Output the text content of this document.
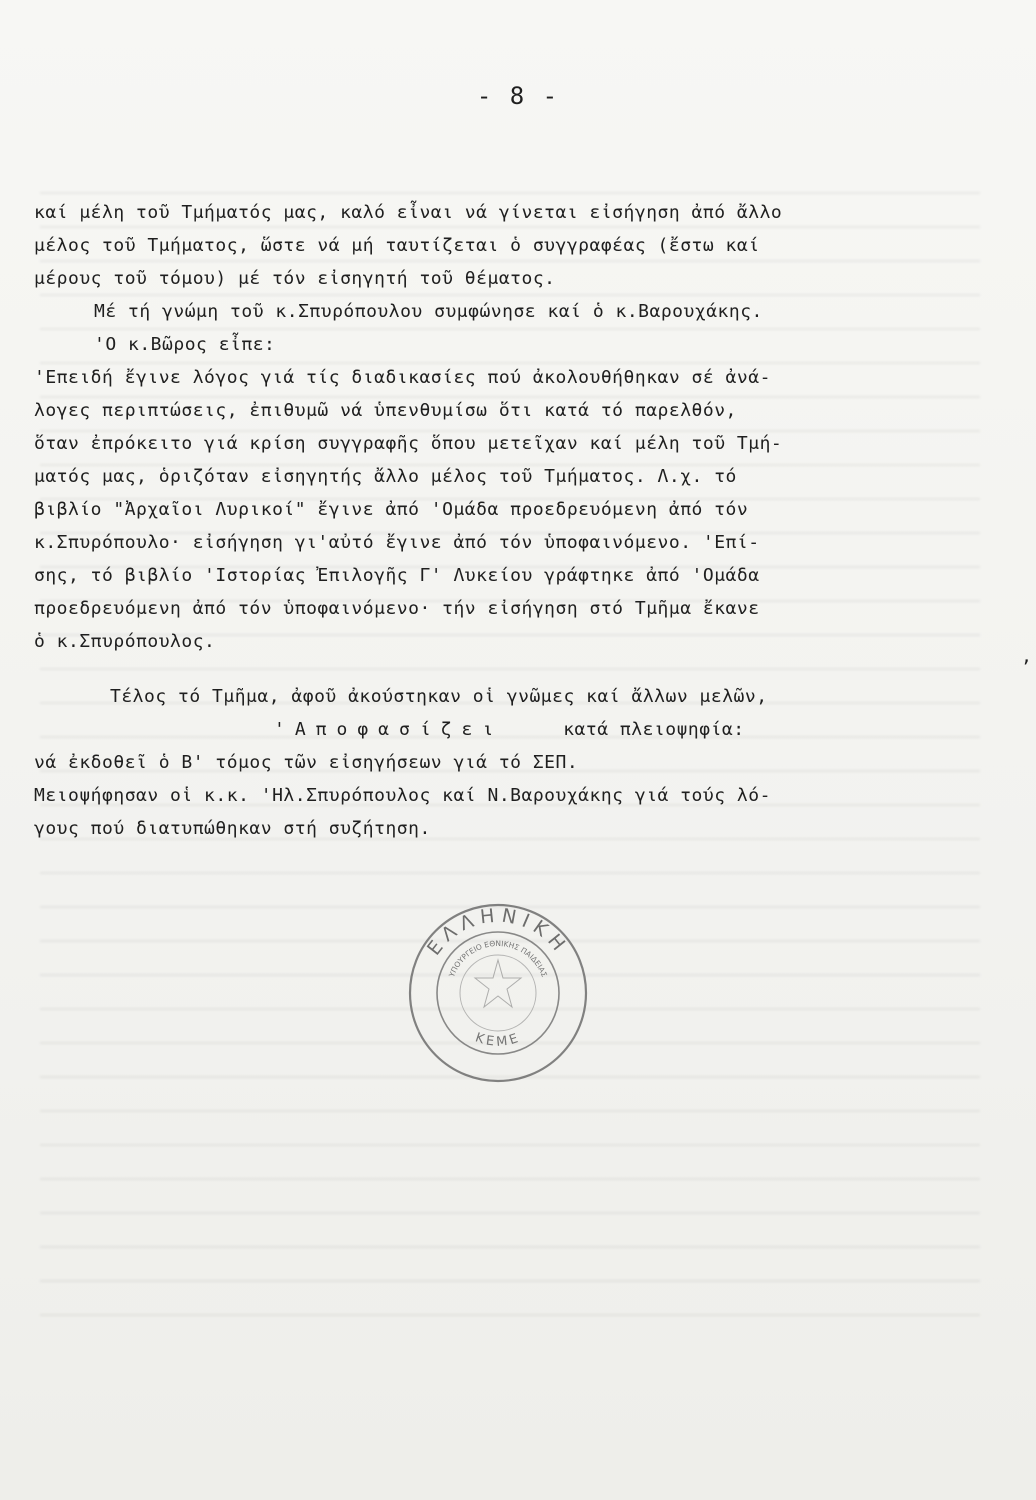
- 8 -
καί μέλη τοῦ Τμήματός μας, καλό εἶναι νά γίνεται εἰσήγηση ἀπό ἄλλο
μέλος τοῦ Τμήματος, ὥστε νά μή ταυτίζεται ὁ συγγραφέας (ἔστω καί
μέρους τοῦ τόμου) μέ τόν εἰσηγητή τοῦ θέματος.
Μέ τή γνώμη τοῦ κ.Σπυρόπουλου συμφώνησε καί ὁ κ.Βαρουχάκης.
'Ο κ.Βῶρος εἶπε:
'Επειδή ἔγινε λόγος γιά τίς διαδικασίες πού ἀκολουθήθηκαν σέ ἀνά-
λογες περιπτώσεις, ἐπιθυμῶ νά ὑπενθυμίσω ὅτι κατά τό παρελθόν,
ὅταν ἐπρόκειτο γιά κρίση συγγραφῆς ὅπου μετεῖχαν καί μέλη τοῦ Τμή-
ματός μας, ὁριζόταν εἰσηγητής ἄλλο μέλος τοῦ Τμήματος. Λ.χ. τό
βιβλίο "Ἀρχαῖοι Λυρικοί" ἔγινε ἀπό 'Ομάδα προεδρευόμενη ἀπό τόν
κ.Σπυρόπουλο· εἰσήγηση γι'αὐτό ἔγινε ἀπό τόν ὑποφαινόμενο. 'Επί-
σης, τό βιβλίο 'Ιστορίας Ἐπιλογῆς Γ' Λυκείου γράφτηκε ἀπό 'Ομάδα
προεδρευόμενη ἀπό τόν ὑποφαινόμενο· τήν εἰσήγηση στό Τμῆμα ἔκανε
ὁ κ.Σπυρόπουλος.
Τέλος τό Τμῆμα, ἀφοῦ ἀκούστηκαν οἱ γνῶμες καί ἄλλων μελῶν,
'Αποφασίζει	κατά πλειοψηφία:
νά ἐκδοθεῖ ὁ Β' τόμος τῶν εἰσηγήσεων γιά τό ΣΕΠ.
Μειοψήφησαν οἱ κ.κ. 'Ηλ.Σπυρόπουλος καί Ν.Βαρουχάκης γιά τούς λό-
γους πού διατυπώθηκαν στή συζήτηση.
ΕΛΛΗΝΙΚΗ
ΥΠΟΥΡΓΕΙΟ ΕΘΝΙΚΗΣ ΠΑΙΔΕΙΑΣ
ΚΕΜΕ
,
